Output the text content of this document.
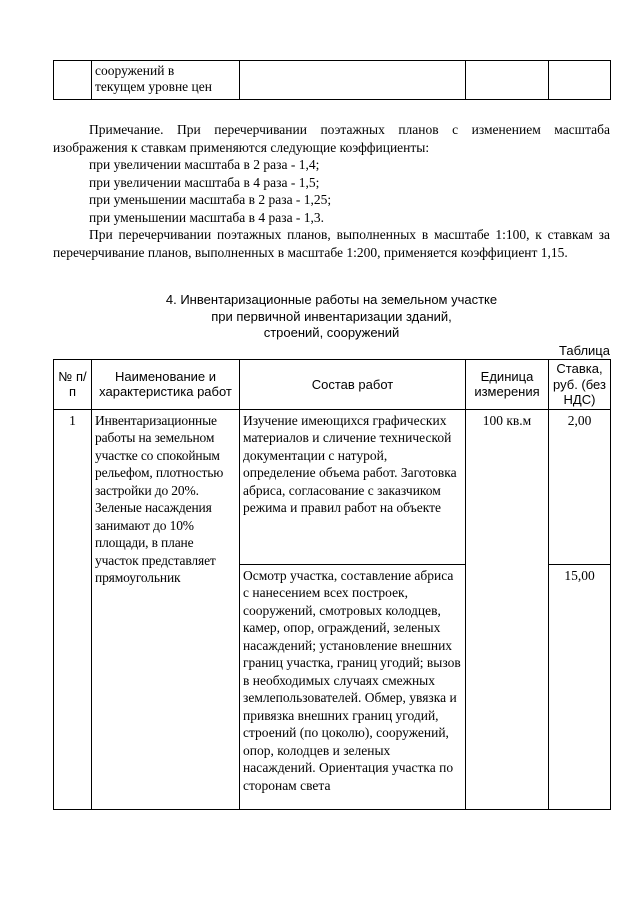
сооружений в
текущем уровне цен

Примечание. При перечерчивании поэтажных планов с изменением масштаба изображения к ставкам применяются следующие коэффициенты:

при увеличении масштаба в 2 раза - 1,4;

при увеличении масштаба в 4 раза - 1,5;

при уменьшении масштаба в 2 раза - 1,25;

при уменьшении масштаба в 4 раза - 1,3.

При перечерчивании поэтажных планов, выполненных в масштабе 1:100, к ставкам за перечерчивание планов, выполненных в масштабе 1:200, применяется коэффициент 1,15.

4. Инвентаризационные работы на земельном участке
при первичной инвентаризации зданий,
строений, сооружений
Таблица
№ п/п	Наименование и характеристика работ	Состав работ	Единица измерения	Ставка, руб. (без НДС)
1	Инвентаризационные работы на земельном участке со спокойным рельефом, плотностью застройки до 20%. Зеленые насаждения занимают до 10% площади, в плане участок представляет прямоугольник	Изучение имеющихся графических материалов и сличение технической документации с натурой, определение объема работ. Заготовка абриса, согласование с заказчиком режима и правил работ на объекте	100 кв.м	2,00
		Осмотр участка, составление абриса с нанесением всех построек, сооружений, смотровых колодцев, камер, опор, ограждений, зеленых насаждений; установление внешних границ участка, границ угодий; вызов в необходимых случаях смежных землепользователей. Обмер, увязка и привязка внешних границ угодий, строений (по цоколю), сооружений, опор, колодцев и зеленых насаждений. Ориентация участка по сторонам света		15,00
